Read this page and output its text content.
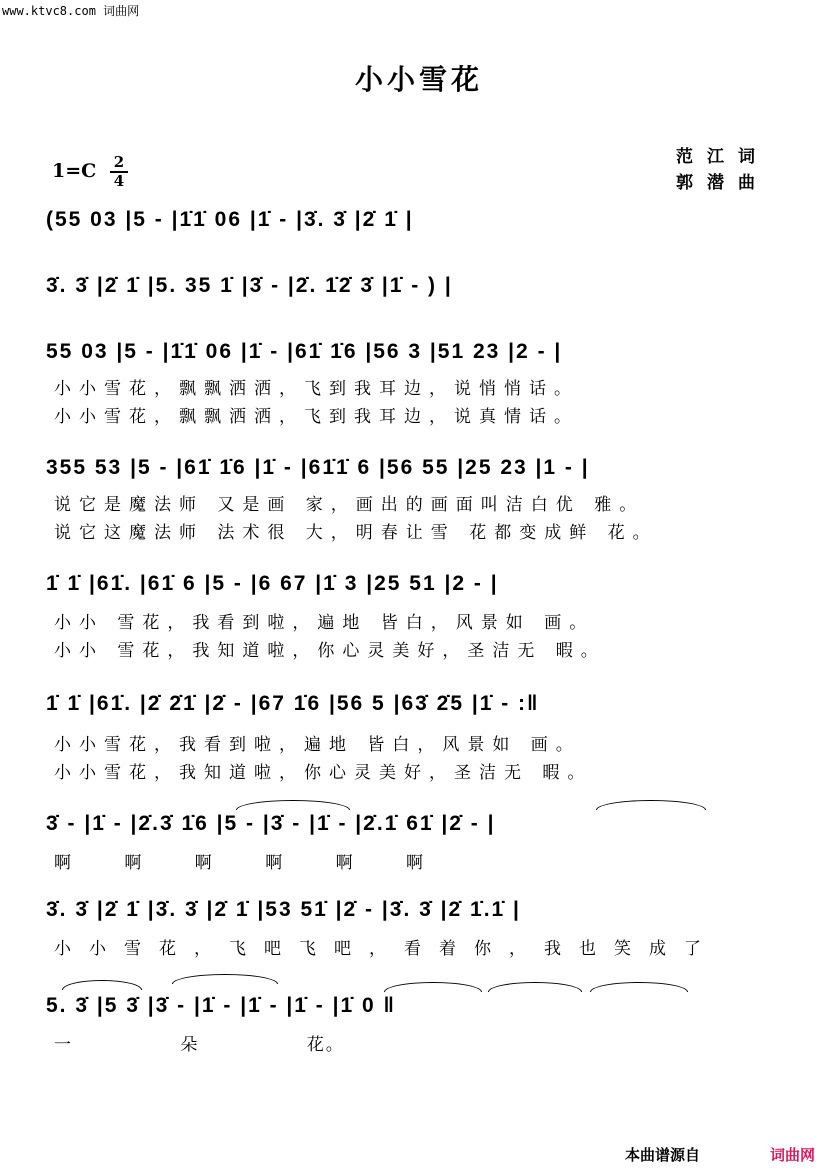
www.ktvc8.com 词曲网
小小雪花
1=C 2
4
范江词
郭潜曲
(55 03 |5 - |1̇1̇ 06 |1̇ - |3̇. 3̇ |2̇ 1̇ |
3̇. 3̇ |2̇ 1̇ |5. 35 1̇ |3̇ - |2̇. 1̇2̇ 3̇ |1̇ - ) |
55 03 |5 - |1̇1̇ 06 |1̇ - |61̇ 1̇6 |56 3 |51 23 |2 - |
小小雪花，飘飘洒洒，飞到我耳边，说悄悄话。
小小雪花，飘飘洒洒，飞到我耳边，说真情话。
355 53 |5 - |61̇ 1̇6 |1̇ - |61̇1̇ 6 |56 55 |25 23 |1 - |
说它是魔法师 又是画 家，画出的画面叫洁白优 雅。
说它这魔法师 法术很 大，明春让雪 花都变成鲜 花。
1̇ 1̇ |61̇. |61̇ 6 |5 - |6 67 |1̇ 3 |25 51 |2 - |
小小 雪花，我看到啦，遍地 皆白，风景如 画。
小小 雪花，我知道啦，你心灵美好，圣洁无 暇。
1̇ 1̇ |61̇. |2̇ 2̇1̇ |2̇ - |67 1̇6 |56 5 |63̇ 2̇5 |1̇ - :‖
小小雪花，我看到啦，遍地 皆白，风景如 画。
小小雪花，我知道啦，你心灵美好，圣洁无 暇。
3̇ - |1̇ - |2̇.3̇ 1̇6 |5 - |3̇ - |1̇ - |2̇.1̇ 61̇ |2̇ - |
啊 啊 啊 啊 啊 啊
3̇. 3̇ |2̇ 1̇ |3̇. 3̇ |2̇ 1̇ |53 51̇ |2̇ - |3̇. 3̇ |2̇ 1̇.1̇ |
小小雪花，飞吧飞吧，看着你，我也笑成了
5. 3̇ |5 3̇ |3̇ - |1̇ - |1̇ - |1̇ - |1̇ 0 ‖
一 朵 花。
本曲谱源自	词曲网
